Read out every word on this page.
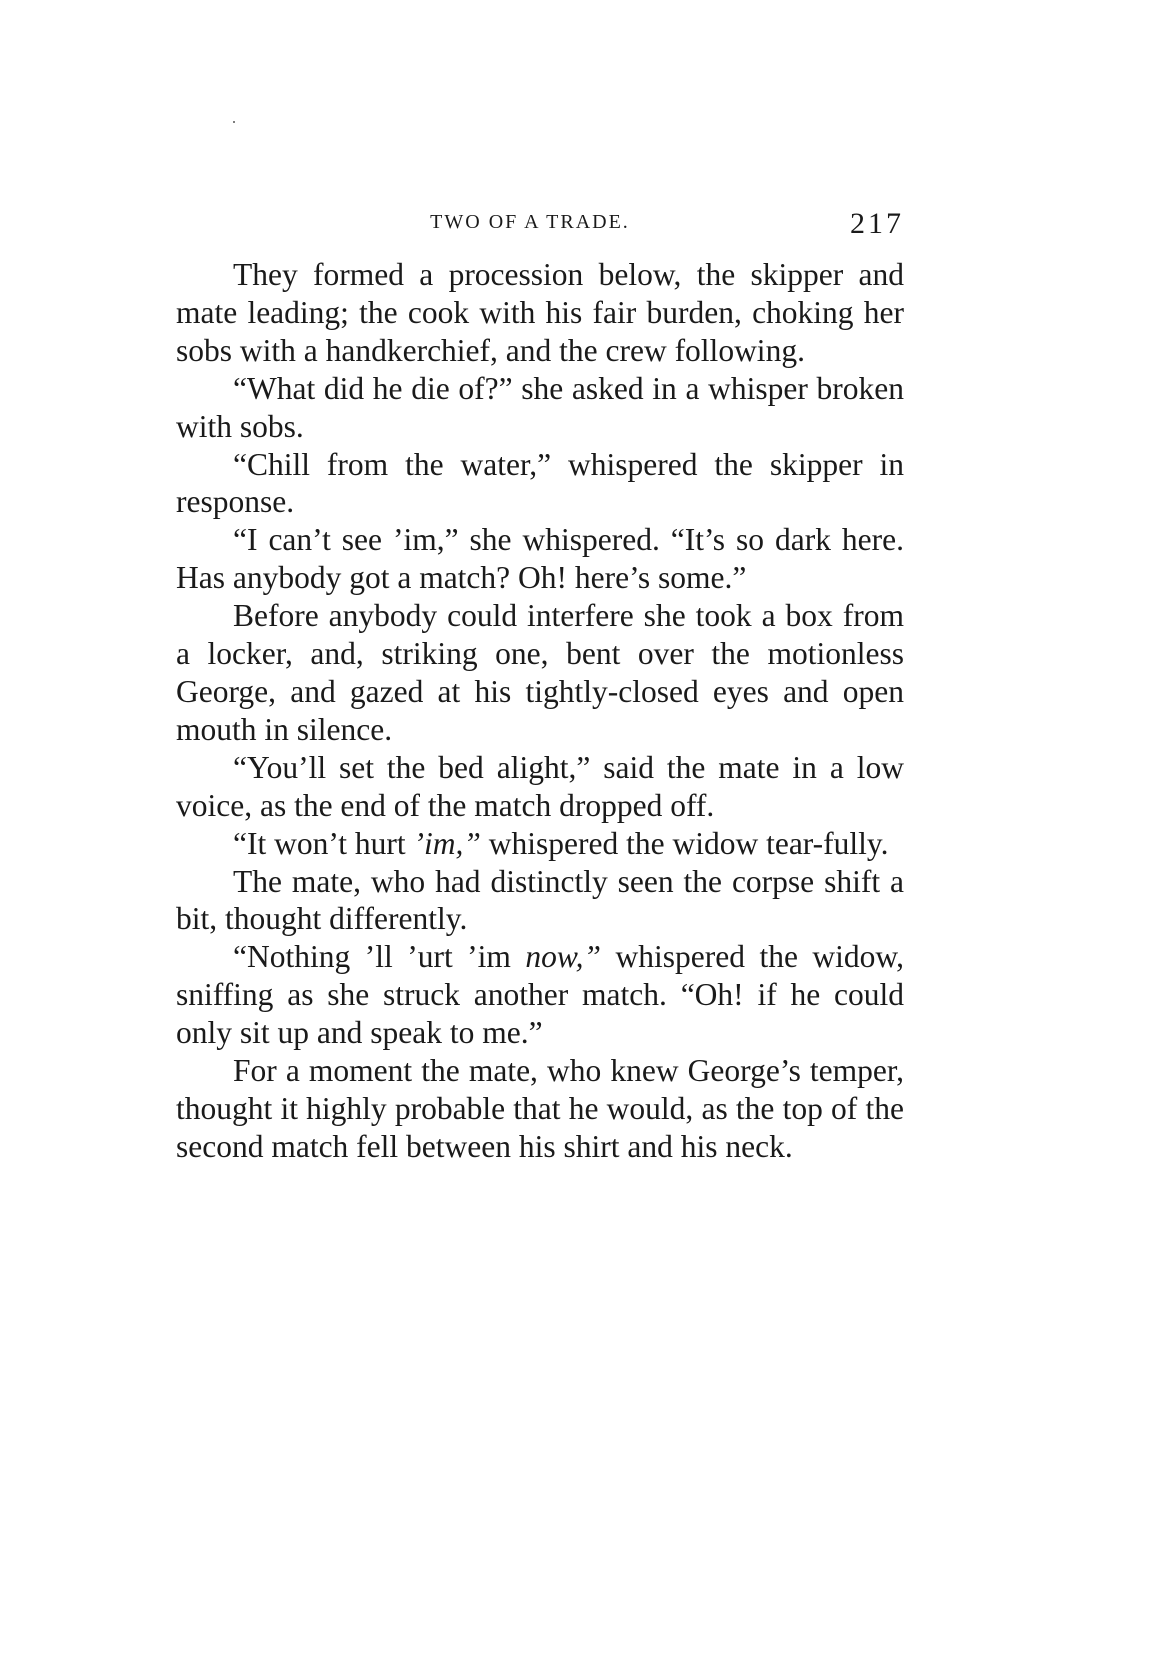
TWO OF A TRADE.	217

They formed a procession below, the skipper and mate leading; the cook with his fair burden, choking her sobs with a handkerchief, and the crew following.

“What did he die of?” she asked in a whisper broken with sobs.

“Chill from the water,” whispered the skipper in response.

“I can’t see ’im,” she whispered. “It’s so dark here. Has anybody got a match? Oh! here’s some.”

Before anybody could interfere she took a box from a locker, and, striking one, bent over the motionless George, and gazed at his tightly-closed eyes and open mouth in silence.

“You’ll set the bed alight,” said the mate in a low voice, as the end of the match dropped off.

“It won’t hurt ’im,” whispered the widow tear-fully.

The mate, who had distinctly seen the corpse shift a bit, thought differently.

“Nothing ’ll ’urt ’im now,” whispered the widow, sniffing as she struck another match. “Oh! if he could only sit up and speak to me.”

For a moment the mate, who knew George’s temper, thought it highly probable that he would, as the top of the second match fell between his shirt and his neck.
